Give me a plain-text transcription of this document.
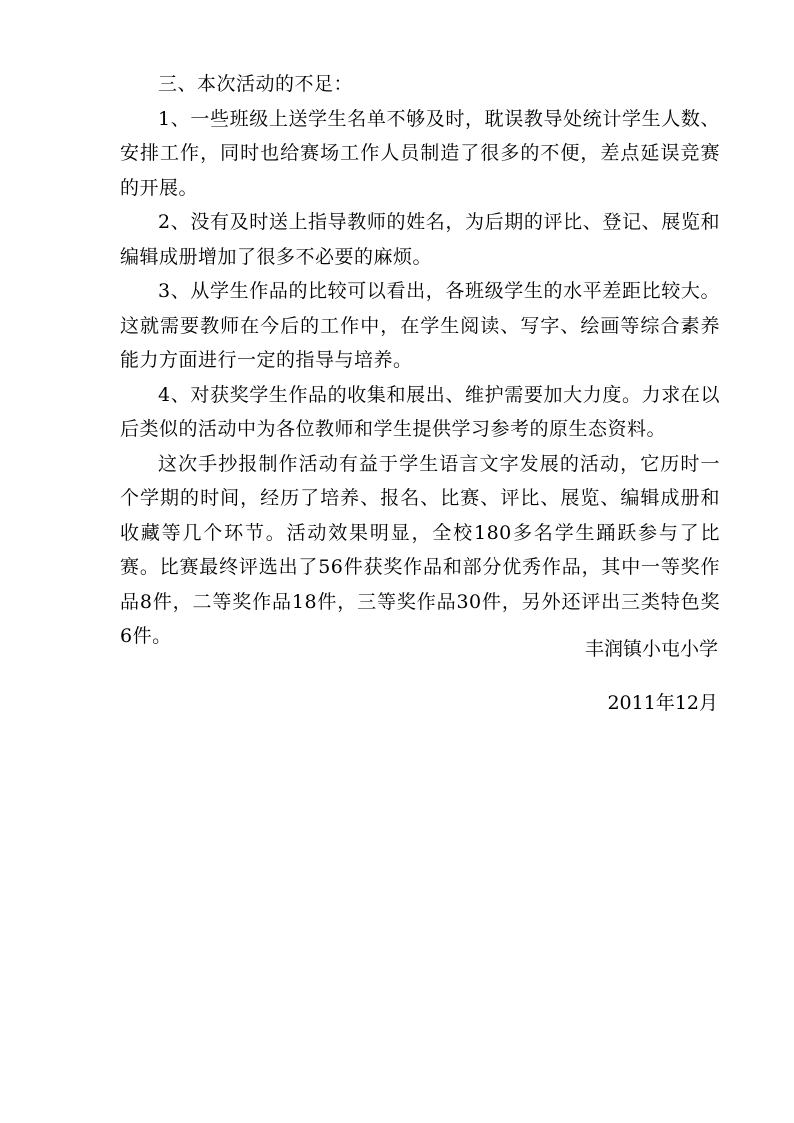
三、本次活动的不足：

1、一些班级上送学生名单不够及时，耽误教导处统计学生人数、安排工作，同时也给赛场工作人员制造了很多的不便，差点延误竞赛的开展。

2、没有及时送上指导教师的姓名，为后期的评比、登记、展览和编辑成册增加了很多不必要的麻烦。

3、从学生作品的比较可以看出，各班级学生的水平差距比较大。这就需要教师在今后的工作中，在学生阅读、写字、绘画等综合素养能力方面进行一定的指导与培养。

4、对获奖学生作品的收集和展出、维护需要加大力度。力求在以后类似的活动中为各位教师和学生提供学习参考的原生态资料。

这次手抄报制作活动有益于学生语言文字发展的活动，它历时一个学期的时间，经历了培养、报名、比赛、评比、展览、编辑成册和收藏等几个环节。活动效果明显，全校180多名学生踊跃参与了比赛。比赛最终评选出了56件获奖作品和部分优秀作品，其中一等奖作品8件，二等奖作品18件，三等奖作品30件，另外还评出三类特色奖6件。

丰润镇小屯小学
2011年12月
